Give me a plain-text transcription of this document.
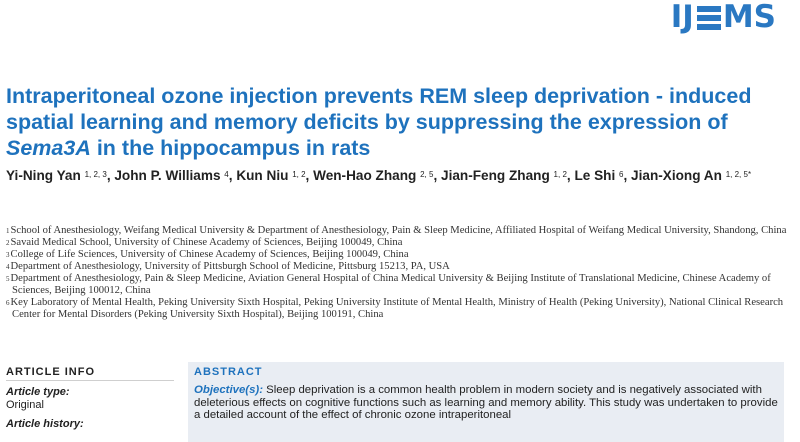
IJ MS
Intraperitoneal ozone injection prevents REM sleep deprivation - induced spatial learning and memory deficits by suppressing the expression of Sema3A in the hippocampus in rats
Yi-Ning Yan $^{1, 2, 3}$, John P. Williams $^4$, Kun Niu $^{1, 2}$, Wen-Hao Zhang $^{2, 5}$, Jian-Feng Zhang $^{1, 2}$, Le Shi $^6$, Jian-Xiong An $^{1, 2, 5*}$

$^1$School of Anesthesiology, Weifang Medical University & Department of Anesthesiology, Pain & Sleep Medicine, Affiliated Hospital of Weifang Medical University, Shandong, China

$^2$Savaid Medical School, University of Chinese Academy of Sciences, Beijing 100049, China

$^3$College of Life Sciences, University of Chinese Academy of Sciences, Beijing 100049, China

$^4$Department of Anesthesiology, University of Pittsburgh School of Medicine, Pittsburg 15213, PA, USA

$^5$Department of Anesthesiology, Pain & Sleep Medicine, Aviation General Hospital of China Medical University & Beijing Institute of Translational Medicine, Chinese Academy of Sciences, Beijing 100012, China

$^6$Key Laboratory of Mental Health, Peking University Sixth Hospital, Peking University Institute of Mental Health, Ministry of Health (Peking University), National Clinical Research Center for Mental Disorders (Peking University Sixth Hospital), Beijing 100191, China

ARTICLE INFO
Article type:
Original
Article history:
ABSTRACT

Objective(s): Sleep deprivation is a common health problem in modern society and is negatively associated with deleterious effects on cognitive functions such as learning and memory ability. This study was undertaken to provide a detailed account of the effect of chronic ozone intraperitoneal
